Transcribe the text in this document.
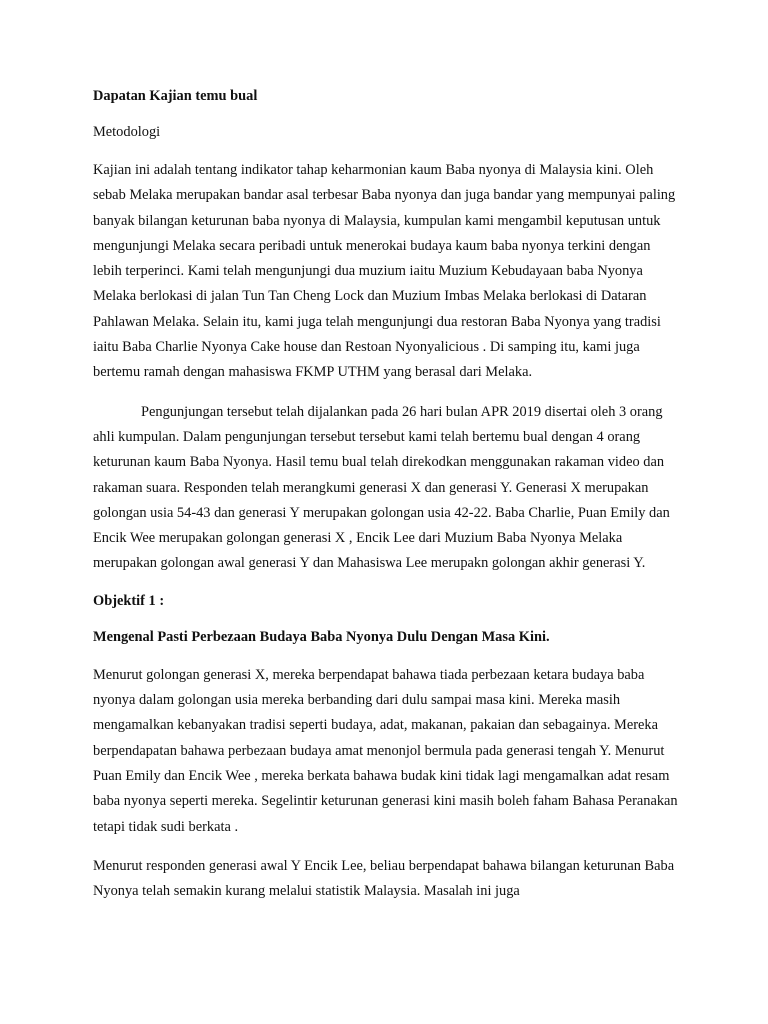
Dapatan Kajian temu bual

Metodologi

Kajian ini adalah tentang indikator tahap keharmonian kaum Baba nyonya di Malaysia kini. Oleh sebab Melaka merupakan bandar asal terbesar Baba nyonya dan juga bandar yang mempunyai paling banyak bilangan keturunan baba nyonya di Malaysia, kumpulan kami mengambil keputusan untuk mengunjungi Melaka secara peribadi untuk menerokai budaya kaum baba nyonya terkini dengan lebih terperinci. Kami telah mengunjungi dua muzium iaitu Muzium Kebudayaan baba Nyonya Melaka berlokasi di jalan Tun Tan Cheng Lock dan Muzium Imbas Melaka berlokasi di Dataran Pahlawan Melaka. Selain itu, kami juga telah mengunjungi dua restoran Baba Nyonya yang tradisi iaitu Baba Charlie Nyonya Cake house dan Restoan Nyonyalicious . Di samping itu, kami juga bertemu ramah dengan mahasiswa FKMP UTHM yang berasal dari Melaka.

Pengunjungan tersebut telah dijalankan pada 26 hari bulan APR 2019 disertai oleh 3 orang ahli kumpulan. Dalam pengunjungan tersebut tersebut kami telah bertemu bual dengan 4 orang keturunan kaum Baba Nyonya. Hasil temu bual telah direkodkan menggunakan rakaman video dan rakaman suara. Responden telah merangkumi generasi X dan generasi Y. Generasi X merupakan golongan usia 54-43 dan generasi Y merupakan golongan usia 42-22. Baba Charlie, Puan Emily dan Encik Wee merupakan golongan generasi X , Encik Lee dari Muzium Baba Nyonya Melaka merupakan golongan awal generasi Y dan Mahasiswa Lee merupakn golongan akhir generasi Y.

Objektif 1 :

Mengenal Pasti Perbezaan Budaya Baba Nyonya Dulu Dengan Masa Kini.

Menurut golongan generasi X, mereka berpendapat bahawa tiada perbezaan ketara budaya baba nyonya dalam golongan usia mereka berbanding dari dulu sampai masa kini. Mereka masih mengamalkan kebanyakan tradisi seperti budaya, adat, makanan, pakaian dan sebagainya. Mereka berpendapatan bahawa perbezaan budaya amat menonjol bermula pada generasi tengah Y. Menurut Puan Emily dan Encik Wee , mereka berkata bahawa budak kini tidak lagi mengamalkan adat resam baba nyonya seperti mereka. Segelintir keturunan generasi kini masih boleh faham Bahasa Peranakan tetapi tidak sudi berkata .

Menurut responden generasi awal Y Encik Lee, beliau berpendapat bahawa bilangan keturunan Baba Nyonya telah semakin kurang melalui statistik Malaysia. Masalah ini juga
